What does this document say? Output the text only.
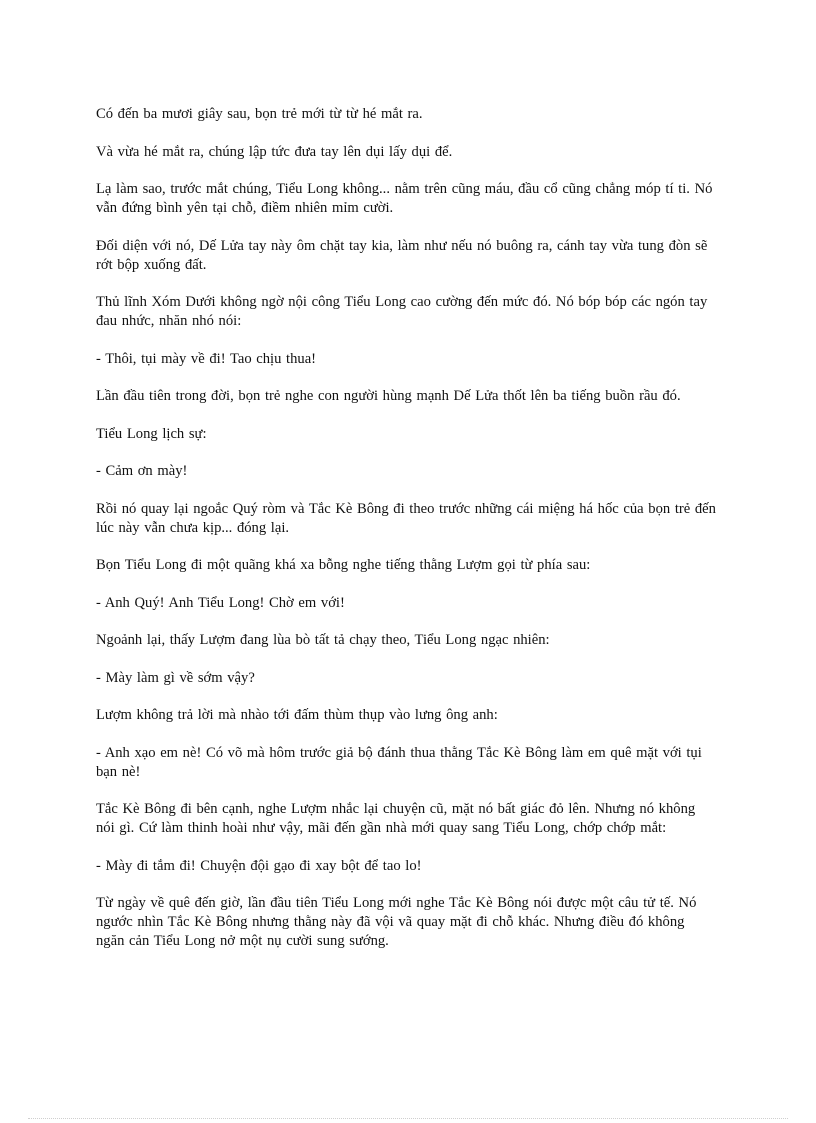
Có đến ba mươi giây sau, bọn trẻ mới từ từ hé mắt ra.

Và vừa hé mắt ra, chúng lập tức đưa tay lên dụi lấy dụi để.

Lạ làm sao, trước mắt chúng, Tiểu Long không... nằm trên cũng máu, đầu cổ cũng chẳng móp tí ti. Nó vẫn đứng bình yên tại chỗ, điềm nhiên mỉm cười.

Đối diện với nó, Dế Lửa tay này ôm chặt tay kia, làm như nếu nó buông ra, cánh tay vừa tung đòn sẽ rớt bộp xuống đất.

Thủ lĩnh Xóm Dưới không ngờ nội công Tiểu Long cao cường đến mức đó. Nó bóp bóp các ngón tay đau nhức, nhăn nhó nói:

- Thôi, tụi mày về đi! Tao chịu thua!

Lần đầu tiên trong đời, bọn trẻ nghe con người hùng mạnh Dế Lửa thốt lên ba tiếng buồn rầu đó.

Tiểu Long lịch sự:

- Cảm ơn mày!

Rồi nó quay lại ngoắc Quý ròm và Tắc Kè Bông đi theo trước những cái miệng há hốc của bọn trẻ đến lúc này vẫn chưa kịp... đóng lại.

Bọn Tiểu Long đi một quãng khá xa bỗng nghe tiếng thằng Lượm gọi từ phía sau:

- Anh Quý! Anh Tiểu Long! Chờ em với!

Ngoảnh lại, thấy Lượm đang lùa bò tất tả chạy theo, Tiểu Long ngạc nhiên:

- Mày làm gì về sớm vậy?

Lượm không trả lời mà nhào tới đấm thùm thụp vào lưng ông anh:

- Anh xạo em nè! Có võ mà hôm trước giả bộ đánh thua thằng Tắc Kè Bông làm em quê mặt với tụi bạn nè!

Tắc Kè Bông đi bên cạnh, nghe Lượm nhắc lại chuyện cũ, mặt nó bất giác đỏ lên. Nhưng nó không nói gì. Cứ làm thinh hoài như vậy, mãi đến gần nhà mới quay sang Tiểu Long, chớp chớp mắt:

- Mày đi tắm đi! Chuyện đội gạo đi xay bột để tao lo!

Từ ngày về quê đến giờ, lần đầu tiên Tiểu Long mới nghe Tắc Kè Bông nói được một câu tử tế. Nó ngước nhìn Tắc Kè Bông nhưng thằng này đã vội vã quay mặt đi chỗ khác. Nhưng điều đó không ngăn cản Tiểu Long nở một nụ cười sung sướng.
